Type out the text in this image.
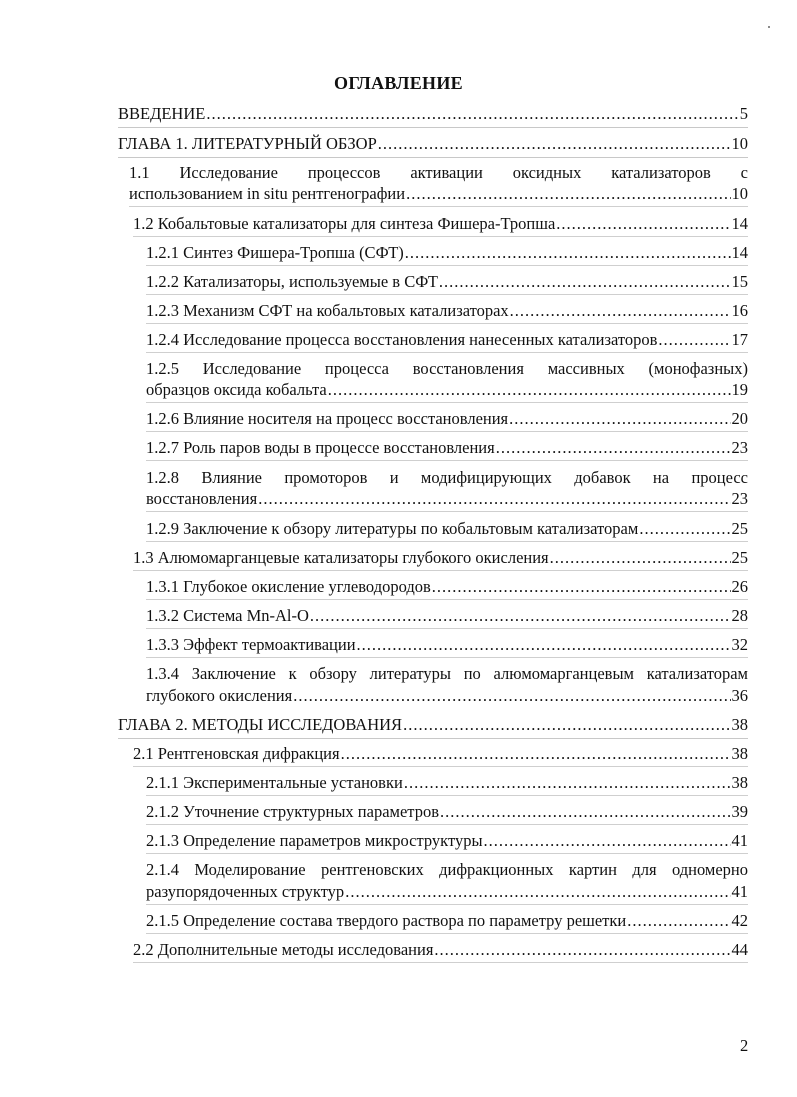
ОГЛАВЛЕНИЕ
ВВЕДЕНИЕ .....	5
ГЛАВА 1. ЛИТЕРАТУРНЫЙ ОБЗОР .....	10
1.1 Исследование процессов активации оксидных катализаторов с
использованием in situ рентгенографии .....	10
1.2 Кобальтовые катализаторы для синтеза Фишера-Тропша .....	14
1.2.1 Синтез Фишера-Тропша (СФТ) .....	14
1.2.2 Катализаторы, используемые в СФТ .....	15
1.2.3 Механизм СФТ на кобальтовых катализаторах .....	16
1.2.4 Исследование процесса восстановления нанесенных катализаторов .....	17
1.2.5 Исследование процесса восстановления массивных (монофазных)
образцов оксида кобальта .....	19
1.2.6 Влияние носителя на процесс восстановления .....	20
1.2.7 Роль паров воды в процессе восстановления .....	23
1.2.8 Влияние промоторов и модифицирующих добавок на процесс
восстановления .....	23
1.2.9 Заключение к обзору литературы по кобальтовым катализаторам .....	25
1.3 Алюмомарганцевые катализаторы глубокого окисления .....	25
1.3.1 Глубокое окисление углеводородов .....	26
1.3.2 Система Mn-Al-O .....	28
1.3.3 Эффект термоактивации .....	32
1.3.4 Заключение к обзору литературы по алюмомарганцевым катализаторам
глубокого окисления .....	36
ГЛАВА 2. МЕТОДЫ ИССЛЕДОВАНИЯ .....	38
2.1 Рентгеновская дифракция .....	38
2.1.1 Экспериментальные установки .....	38
2.1.2 Уточнение структурных параметров .....	39
2.1.3 Определение параметров микроструктуры .....	41
2.1.4 Моделирование рентгеновских дифракционных картин для одномерно
разупорядоченных структур .....	41
2.1.5 Определение состава твердого раствора по параметру решетки .....	42
2.2 Дополнительные методы исследования .....	44
2
